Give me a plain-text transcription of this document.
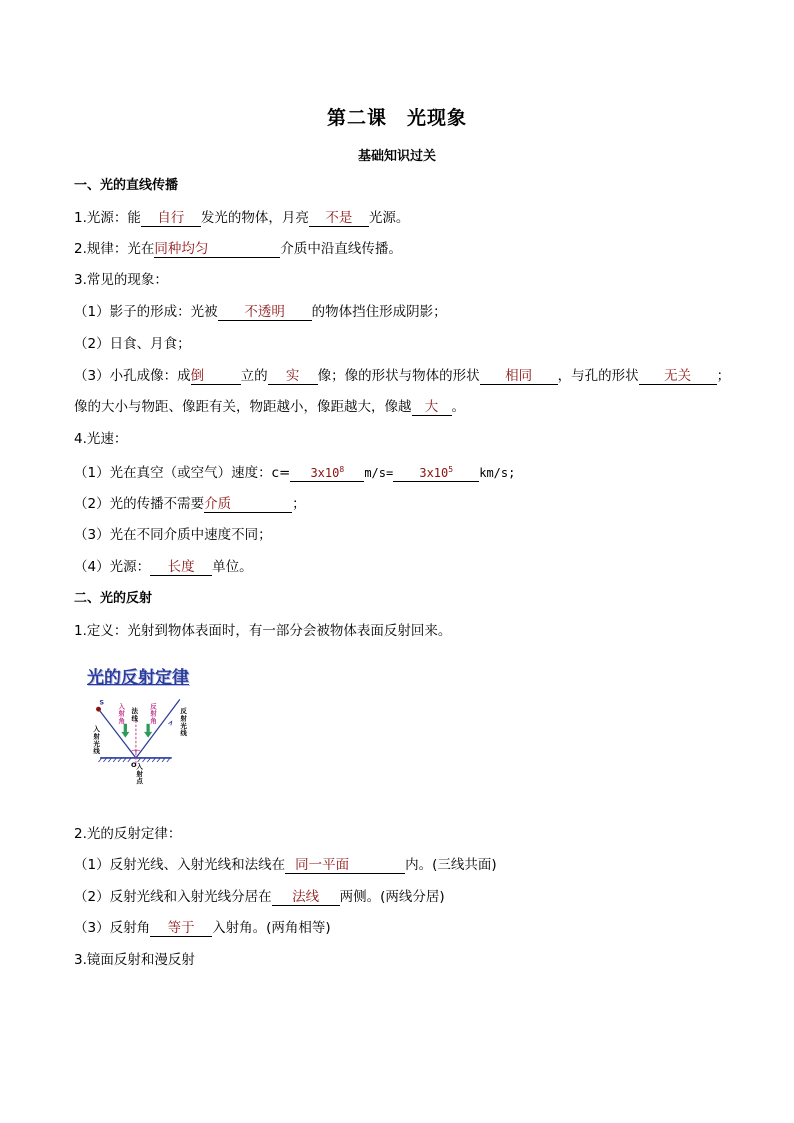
第二课　光现象
基础知识过关
一、光的直线传播
1.光源：能 自行 发光的物体，月亮 不是 光源。
2.规律：光在同种均匀	介质中沿直线传播。
3.常见的现象：
（1）影子的形成：光被 不透明 的物体挡住形成阴影；
（2）日食、月食；
（3）小孔成像：成倒	立的 实 像；像的形状与物体的形状 相同 ，与孔的形状 无关 ；
像的大小与物距、像距有关，物距越小，像距越大，像越 大 。
4.光速：
（1）光在真空（或空气）速度：$c= 3x10^8$ $m/s= 3x10^5$ km/s;
（2）光的传播不需要介质	；
（3）光在不同介质中速度不同；
（4）光源： 长度 单位。
二、光的反射
1.定义：光射到物体表面时，有一部分会被物体表面反射回来。
光的反射定律
S
入射角 法线 反射角	反射光线
入射光线
O
入射点
2.光的反射定律：
（1）反射光线、入射光线和法线在 同一平面	内。(三线共面)
（2）反射光线和入射光线分居在 法线 两侧。(两线分居)
（3）反射角 等于 入射角。(两角相等)
3.镜面反射和漫反射
